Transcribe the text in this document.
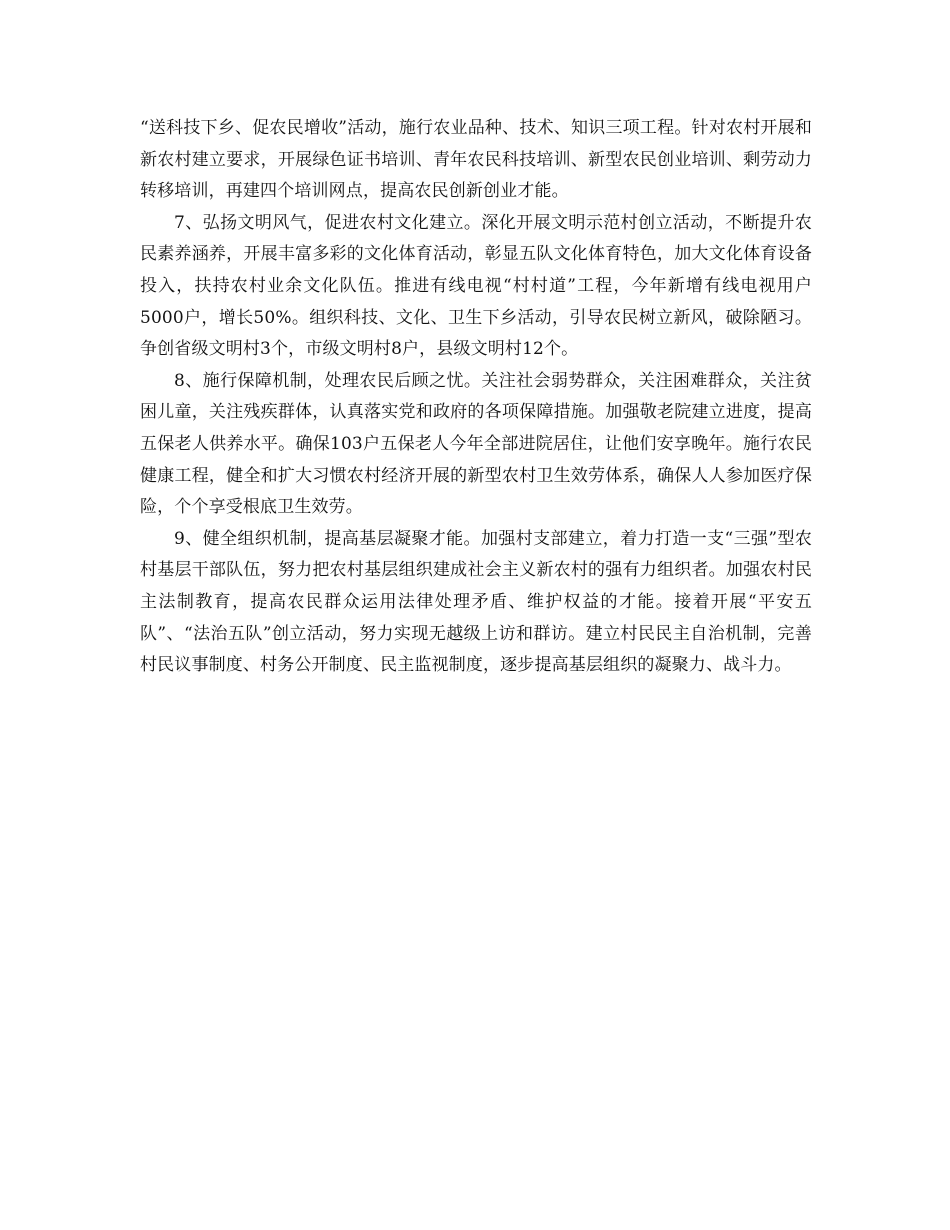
“送科技下乡、促农民增收”活动，施行农业品种、技术、知识三项工程。针对农村开展和新农村建立要求，开展绿色证书培训、青年农民科技培训、新型农民创业培训、剩劳动力转移培训，再建四个培训网点，提高农民创新创业才能。

7、弘扬文明风气，促进农村文化建立。深化开展文明示范村创立活动，不断提升农民素养涵养，开展丰富多彩的文化体育活动，彰显五队文化体育特色，加大文化体育设备投入，扶持农村业余文化队伍。推进有线电视“村村道”工程，今年新增有线电视用户5000户，增长50%。组织科技、文化、卫生下乡活动，引导农民树立新风，破除陋习。争创省级文明村3个，市级文明村8户，县级文明村12个。

8、施行保障机制，处理农民后顾之忧。关注社会弱势群众，关注困难群众，关注贫困儿童，关注残疾群体，认真落实党和政府的各项保障措施。加强敬老院建立进度，提高五保老人供养水平。确保103户五保老人今年全部进院居住，让他们安享晚年。施行农民健康工程，健全和扩大习惯农村经济开展的新型农村卫生效劳体系，确保人人参加医疗保险，个个享受根底卫生效劳。

9、健全组织机制，提高基层凝聚才能。加强村支部建立，着力打造一支“三强”型农村基层干部队伍，努力把农村基层组织建成社会主义新农村的强有力组织者。加强农村民主法制教育，提高农民群众运用法律处理矛盾、维护权益的才能。接着开展“平安五队”、“法治五队”创立活动，努力实现无越级上访和群访。建立村民民主自治机制，完善村民议事制度、村务公开制度、民主监视制度，逐步提高基层组织的凝聚力、战斗力。
